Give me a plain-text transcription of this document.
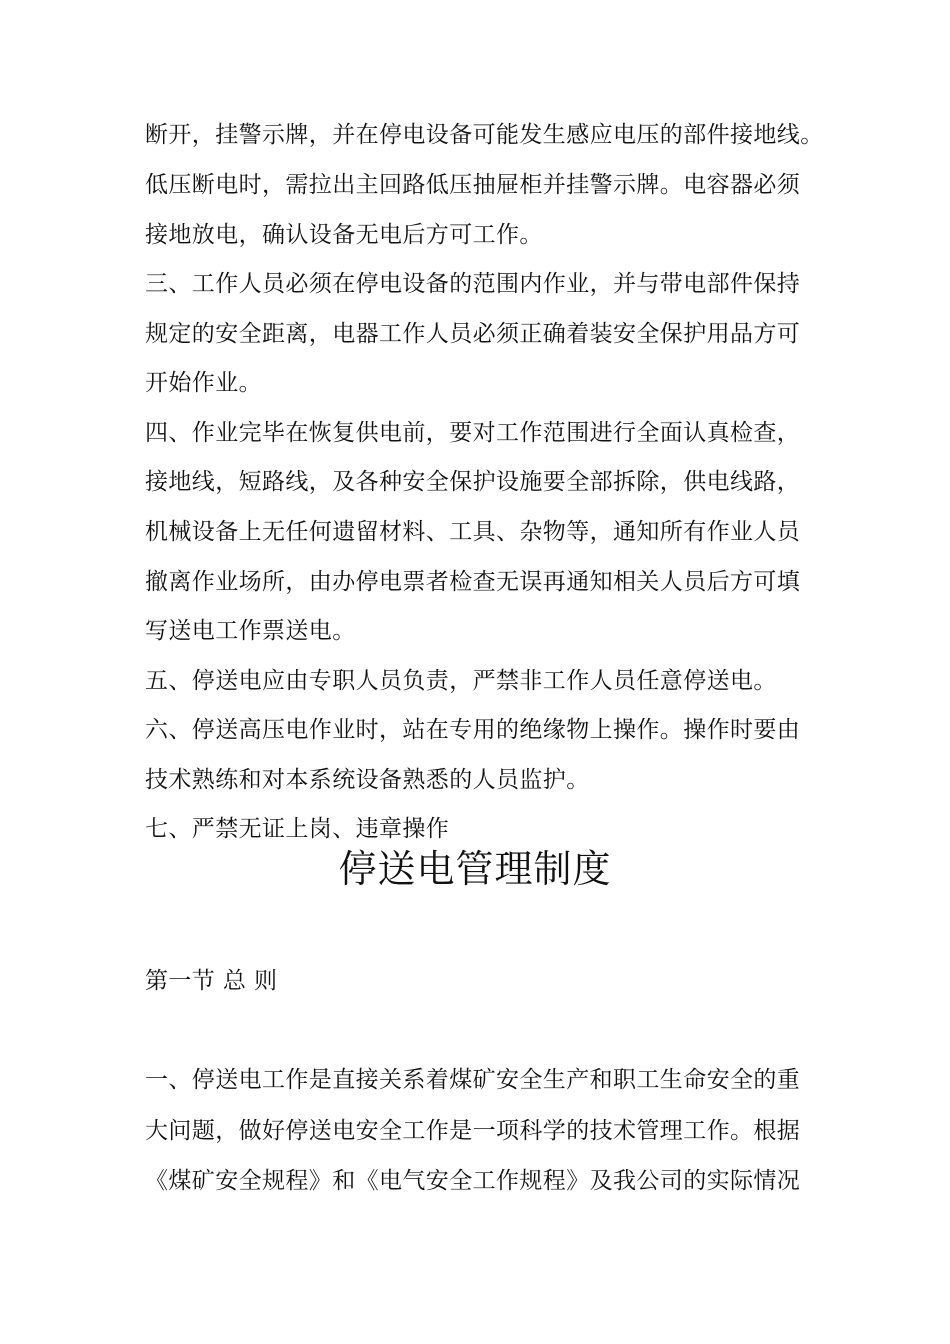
断开，挂警示牌，并在停电设备可能发生感应电压的部件接地线。
低压断电时，需拉出主回路低压抽屉柜并挂警示牌。电容器必须
接地放电，确认设备无电后方可工作。
三、工作人员必须在停电设备的范围内作业，并与带电部件保持
规定的安全距离，电器工作人员必须正确着装安全保护用品方可
开始作业。
四、作业完毕在恢复供电前，要对工作范围进行全面认真检查，
接地线，短路线，及各种安全保护设施要全部拆除，供电线路，
机械设备上无任何遗留材料、工具、杂物等，通知所有作业人员
撤离作业场所，由办停电票者检查无误再通知相关人员后方可填
写送电工作票送电。
五、停送电应由专职人员负责，严禁非工作人员任意停送电。
六、停送高压电作业时，站在专用的绝缘物上操作。操作时要由
技术熟练和对本系统设备熟悉的人员监护。
七、严禁无证上岗、违章操作
停送电管理制度
第一节 总 则
一、停送电工作是直接关系着煤矿安全生产和职工生命安全的重
大问题，做好停送电安全工作是一项科学的技术管理工作。根据
《煤矿安全规程》和《电气安全工作规程》及我公司的实际情况
